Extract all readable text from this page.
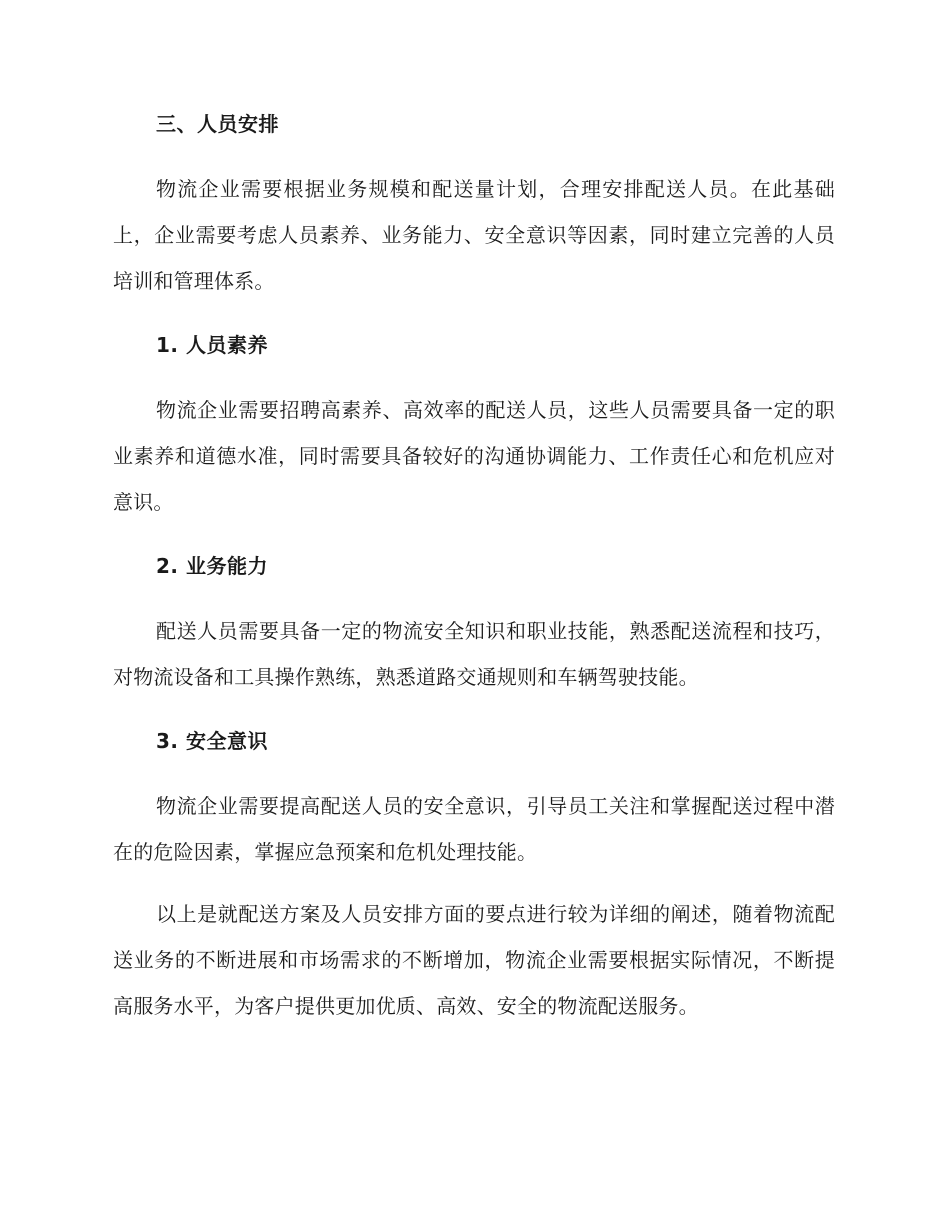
三、人员安排

物流企业需要根据业务规模和配送量计划，合理安排配送人员。在此基础上，企业需要考虑人员素养、业务能力、安全意识等因素，同时建立完善的人员培训和管理体系。

1. 人员素养

物流企业需要招聘高素养、高效率的配送人员，这些人员需要具备一定的职业素养和道德水准，同时需要具备较好的沟通协调能力、工作责任心和危机应对意识。

2. 业务能力

配送人员需要具备一定的物流安全知识和职业技能，熟悉配送流程和技巧，对物流设备和工具操作熟练，熟悉道路交通规则和车辆驾驶技能。

3. 安全意识

物流企业需要提高配送人员的安全意识，引导员工关注和掌握配送过程中潜在的危险因素，掌握应急预案和危机处理技能。

以上是就配送方案及人员安排方面的要点进行较为详细的阐述，随着物流配送业务的不断进展和市场需求的不断增加，物流企业需要根据实际情况，不断提高服务水平，为客户提供更加优质、高效、安全的物流配送服务。
